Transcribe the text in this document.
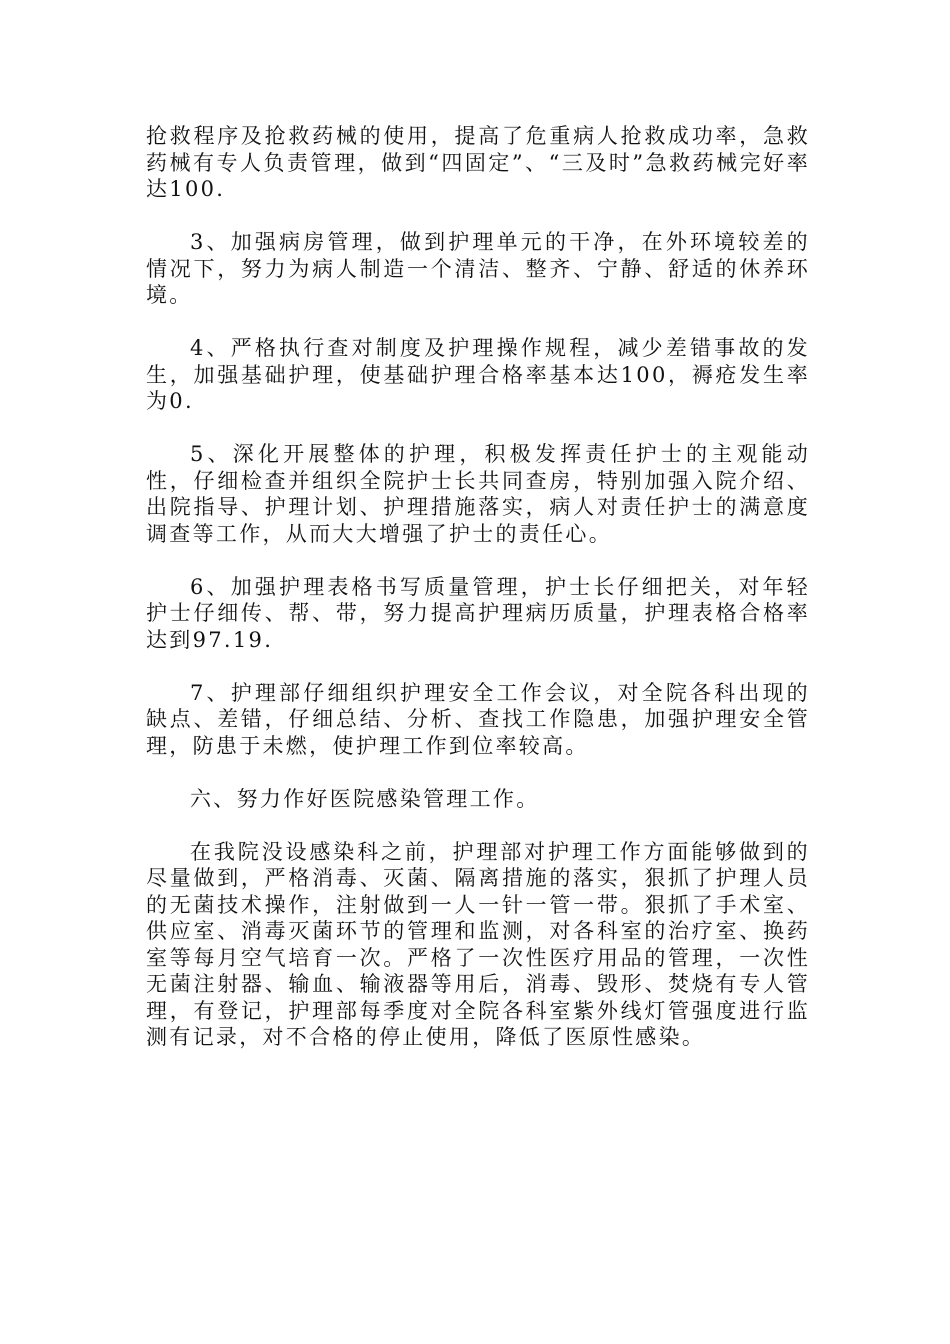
抢救程序及抢救药械的使用，提高了危重病人抢救成功率，急救药械有专人负责管理，做到“四固定”、“三及时”急救药械完好率达100.

3、加强病房管理，做到护理单元的干净，在外环境较差的情况下，努力为病人制造一个清洁、整齐、宁静、舒适的休养环境。

4、严格执行查对制度及护理操作规程，减少差错事故的发生，加强基础护理，使基础护理合格率基本达100，褥疮发生率为0.

5、深化开展整体的护理，积极发挥责任护士的主观能动性，仔细检查并组织全院护士长共同查房，特别加强入院介绍、出院指导、护理计划、护理措施落实，病人对责任护士的满意度调查等工作，从而大大增强了护士的责任心。

6、加强护理表格书写质量管理，护士长仔细把关，对年轻护士仔细传、帮、带，努力提高护理病历质量，护理表格合格率达到97.19.

7、护理部仔细组织护理安全工作会议，对全院各科出现的缺点、差错，仔细总结、分析、查找工作隐患，加强护理安全管理，防患于未燃，使护理工作到位率较高。

六、努力作好医院感染管理工作。

在我院没设感染科之前，护理部对护理工作方面能够做到的尽量做到，严格消毒、灭菌、隔离措施的落实，狠抓了护理人员的无菌技术操作，注射做到一人一针一管一带。狠抓了手术室、供应室、消毒灭菌环节的管理和监测，对各科室的治疗室、换药室等每月空气培育一次。严格了一次性医疗用品的管理，一次性无菌注射器、输血、输液器等用后，消毒、毁形、焚烧有专人管理，有登记，护理部每季度对全院各科室紫外线灯管强度进行监测有记录，对不合格的停止使用，降低了医原性感染。
